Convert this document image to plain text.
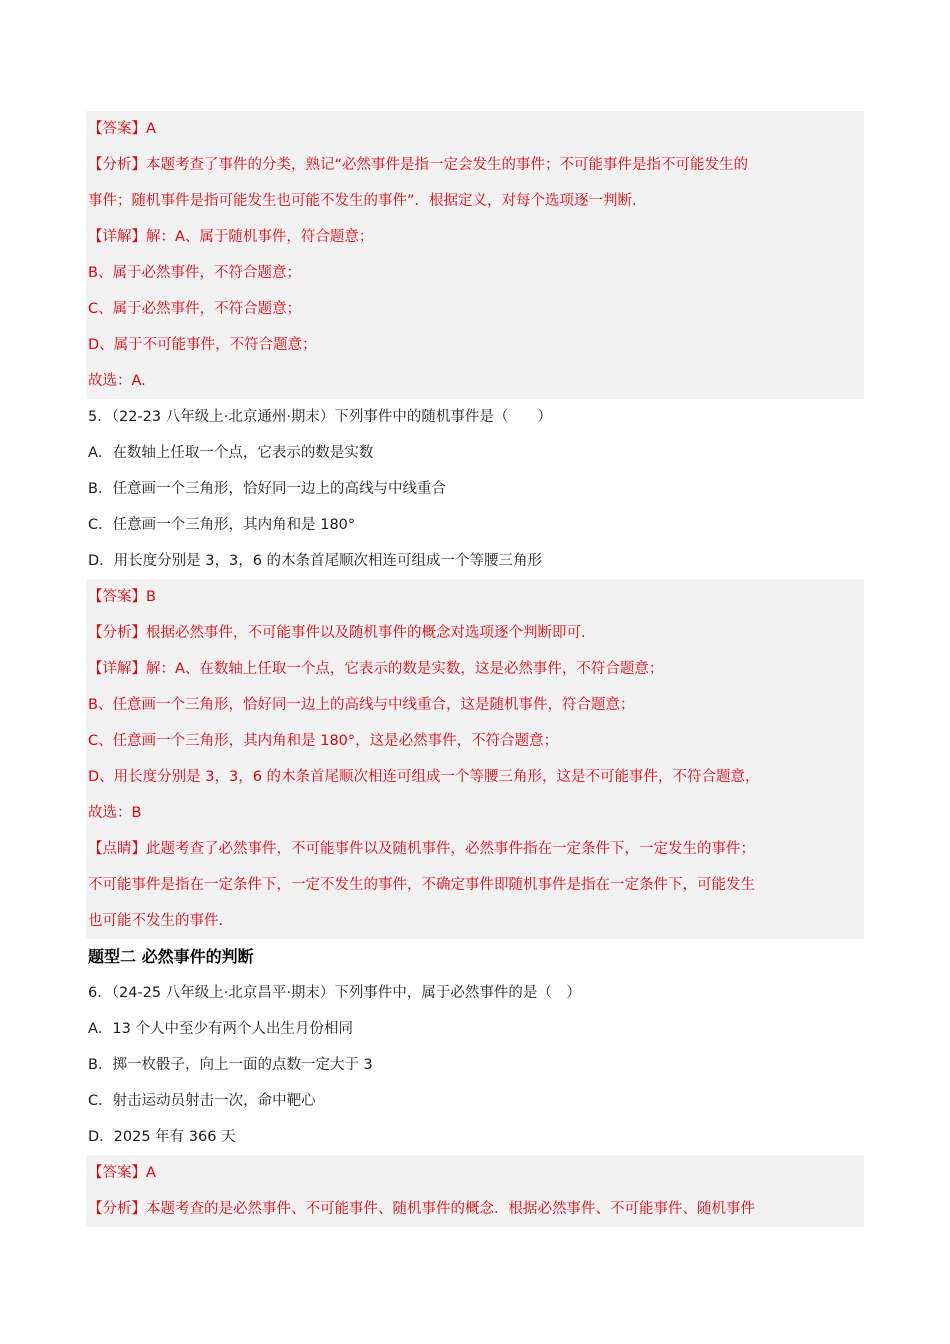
【答案】A
【分析】本题考查了事件的分类，熟记“必然事件是指一定会发生的事件；不可能事件是指不可能发生的
事件；随机事件是指可能发生也可能不发生的事件”．根据定义，对每个选项逐一判断.
【详解】解：A、属于随机事件，符合题意；
B、属于必然事件，不符合题意；
C、属于必然事件，不符合题意；
D、属于不可能事件，不符合题意；
故选：A.
5．（22-23 八年级上·北京通州·期末）下列事件中的随机事件是（　　）
A．在数轴上任取一个点，它表示的数是实数
B．任意画一个三角形，恰好同一边上的高线与中线重合
C．任意画一个三角形，其内角和是 180°
D．用长度分别是 3，3，6 的木条首尾顺次相连可组成一个等腰三角形
【答案】B
【分析】根据必然事件，不可能事件以及随机事件的概念对选项逐个判断即可.
【详解】解：A、在数轴上任取一个点，它表示的数是实数，这是必然事件，不符合题意；
B、任意画一个三角形，恰好同一边上的高线与中线重合，这是随机事件，符合题意；
C、任意画一个三角形，其内角和是 180°，这是必然事件，不符合题意；
D、用长度分别是 3，3，6 的木条首尾顺次相连可组成一个等腰三角形，这是不可能事件，不符合题意，
故选：B
【点睛】此题考查了必然事件，不可能事件以及随机事件，必然事件指在一定条件下，一定发生的事件；
不可能事件是指在一定条件下，一定不发生的事件，不确定事件即随机事件是指在一定条件下，可能发生
也可能不发生的事件.
题型二 必然事件的判断
6．（24-25 八年级上·北京昌平·期末）下列事件中，属于必然事件的是（　）
A．13 个人中至少有两个人出生月份相同
B．掷一枚骰子，向上一面的点数一定大于 3
C．射击运动员射击一次，命中靶心
D．2025 年有 366 天
【答案】A
【分析】本题考查的是必然事件、不可能事件、随机事件的概念．根据必然事件、不可能事件、随机事件
